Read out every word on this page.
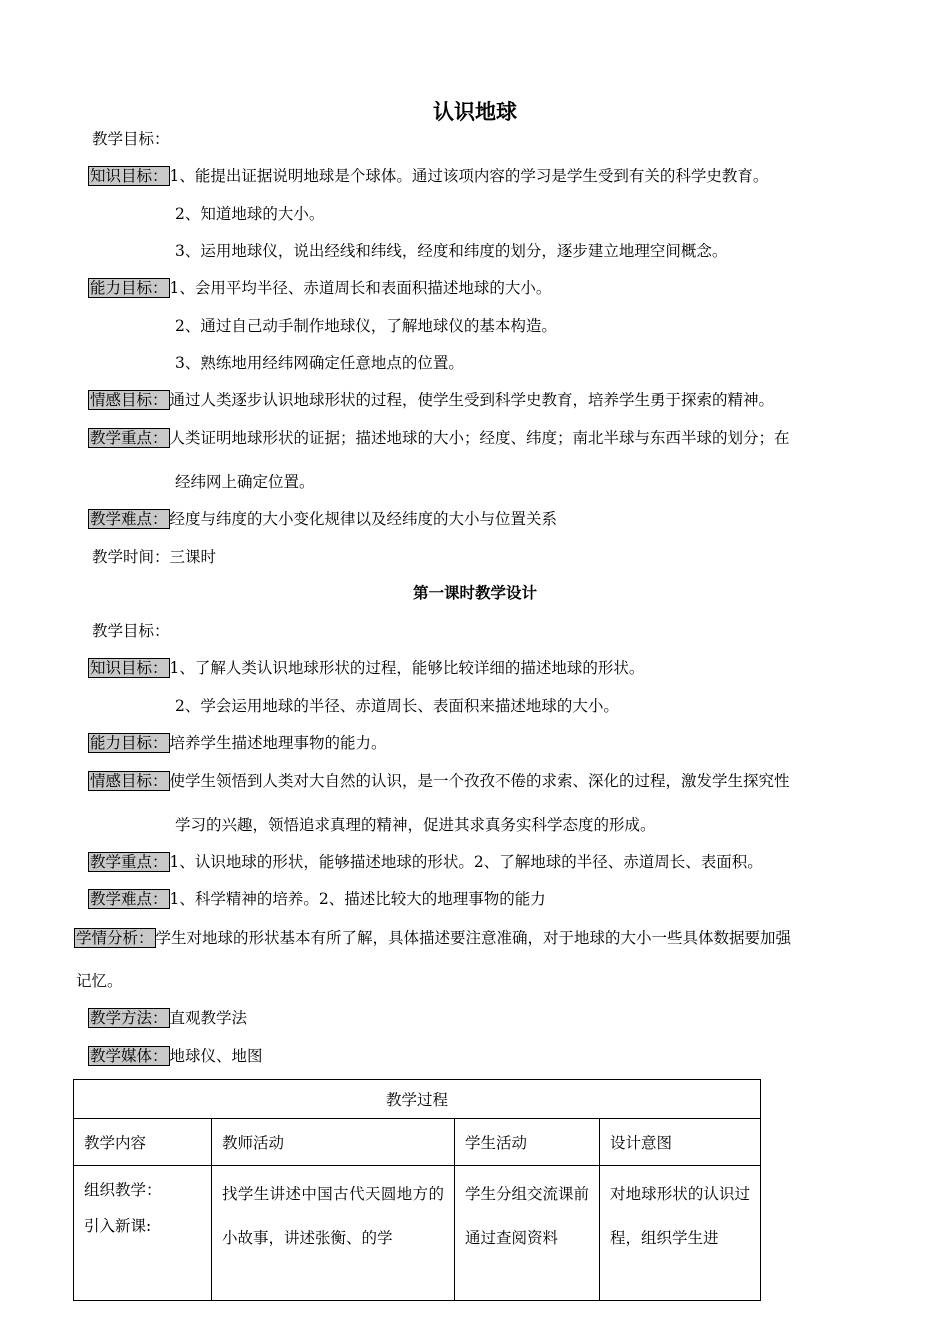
认识地球
教学目标：
知识目标： 1、能提出证据说明地球是个球体。通过该项内容的学习是学生受到有关的科学史教育。
2、知道地球的大小。
3、运用地球仪，说出经线和纬线，经度和纬度的划分，逐步建立地理空间概念。
能力目标： 1、会用平均半径、赤道周长和表面积描述地球的大小。
2、通过自己动手制作地球仪，了解地球仪的基本构造。
3、熟练地用经纬网确定任意地点的位置。
情感目标： 通过人类逐步认识地球形状的过程，使学生受到科学史教育，培养学生勇于探索的精神。
教学重点： 人类证明地球形状的证据；描述地球的大小；经度、纬度；南北半球与东西半球的划分；在
经纬网上确定位置。
教学难点： 经度与纬度的大小变化规律以及经纬度的大小与位置关系
教学时间：三课时
第一课时教学设计
教学目标：
知识目标： 1、了解人类认识地球形状的过程，能够比较详细的描述地球的形状。
2、学会运用地球的半径、赤道周长、表面积来描述地球的大小。
能力目标： 培养学生描述地理事物的能力。
情感目标： 使学生领悟到人类对大自然的认识，是一个孜孜不倦的求索、深化的过程，激发学生探究性
学习的兴趣，领悟追求真理的精神，促进其求真务实科学态度的形成。
教学重点： 1、认识地球的形状，能够描述地球的形状。2、了解地球的半径、赤道周长、表面积。
教学难点： 1、科学精神的培养。2、描述比较大的地理事物的能力
学情分析： 学生对地球的形状基本有所了解，具体描述要注意准确，对于地球的大小一些具体数据要加强
记忆。
教学方法： 直观教学法
教学媒体： 地球仪、地图
教学过程			
教学内容	教师活动	学生活动	设计意图

组织教学：
引入新课:	找学生讲述中国古代天圆地方的小故事，讲述张衡、的学	学生分组交流课前通过查阅资料	对地球形状的认识过程，组织学生进
